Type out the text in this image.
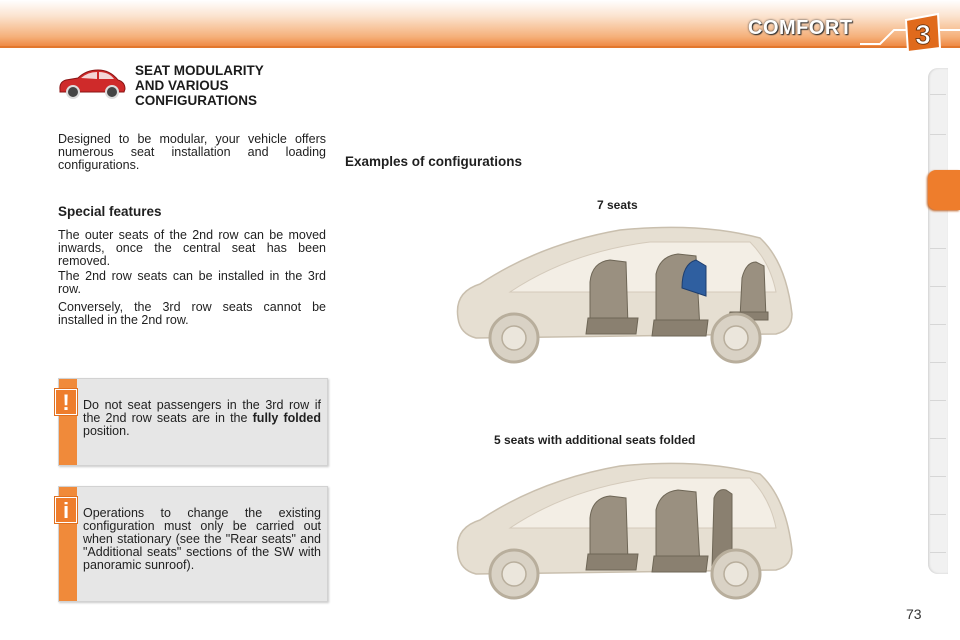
3
COMFORT
SEAT MODULARITY
AND VARIOUS
CONFIGURATIONS
Designed to be modular, your vehicle offers numerous seat installation and loading configurations.
Special features
The outer seats of the 2nd row can be moved inwards, once the central seat has been removed.
The 2nd row seats can be installed in the 3rd row.
Conversely, the 3rd row seats cannot be installed in the 2nd row.
Do not seat passengers in the 3rd row if the 2nd row seats are in the fully folded position.
!
Operations to change the existing configuration must only be carried out when stationary (see the "Rear seats" and "Additional seats" sections of the SW with panoramic sunroof).
i
Examples of configurations
7 seats
5 seats with additional seats folded
73
